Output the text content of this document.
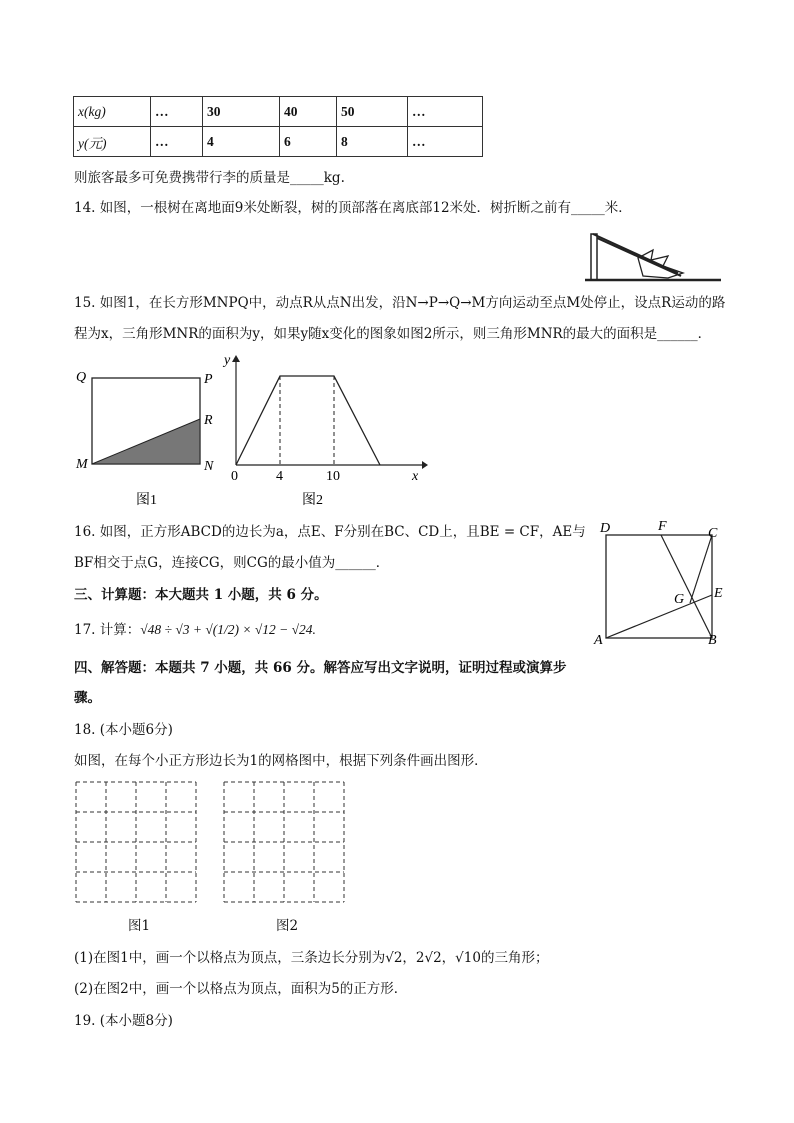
x(kg)	…	30	40	50	…
y(元)	…	4	6	8	…
则旅客最多可免费携带行李的质量是_____kg.
14. 如图，一根树在离地面9米处断裂，树的顶部落在离底部12米处．树折断之前有_____米．
15. 如图1，在长方形MNPQ中，动点R从点N出发，沿N→P→Q→M方向运动至点M处停止，设点R运动的路
程为x，三角形MNR的面积为y，如果y随x变化的图象如图2所示，则三角形MNR的最大的面积是______．
Q	P
R
M	N
图1
y
x
0	4	10
图2
16. 如图，正方形ABCD的边长为a，点E、F分别在BC、CD上，且BE = CF，AE与
BF相交于点G，连接CG，则CG的最小值为______．
D	F	C
G E
A	B
三、计算题：本大题共 1 小题，共 6 分。
17. 计算：√48 ÷ √3 + √(1/2) × √12 − √24.
四、解答题：本题共 7 小题，共 66 分。解答应写出文字说明，证明过程或演算步
骤。
18. (本小题6分)
如图，在每个小正方形边长为1的网格图中，根据下列条件画出图形．
图1	图2
(1)在图1中，画一个以格点为顶点，三条边长分别为√2，2√2，√10的三角形；
(2)在图2中，画一个以格点为顶点，面积为5的正方形．
19. (本小题8分)
